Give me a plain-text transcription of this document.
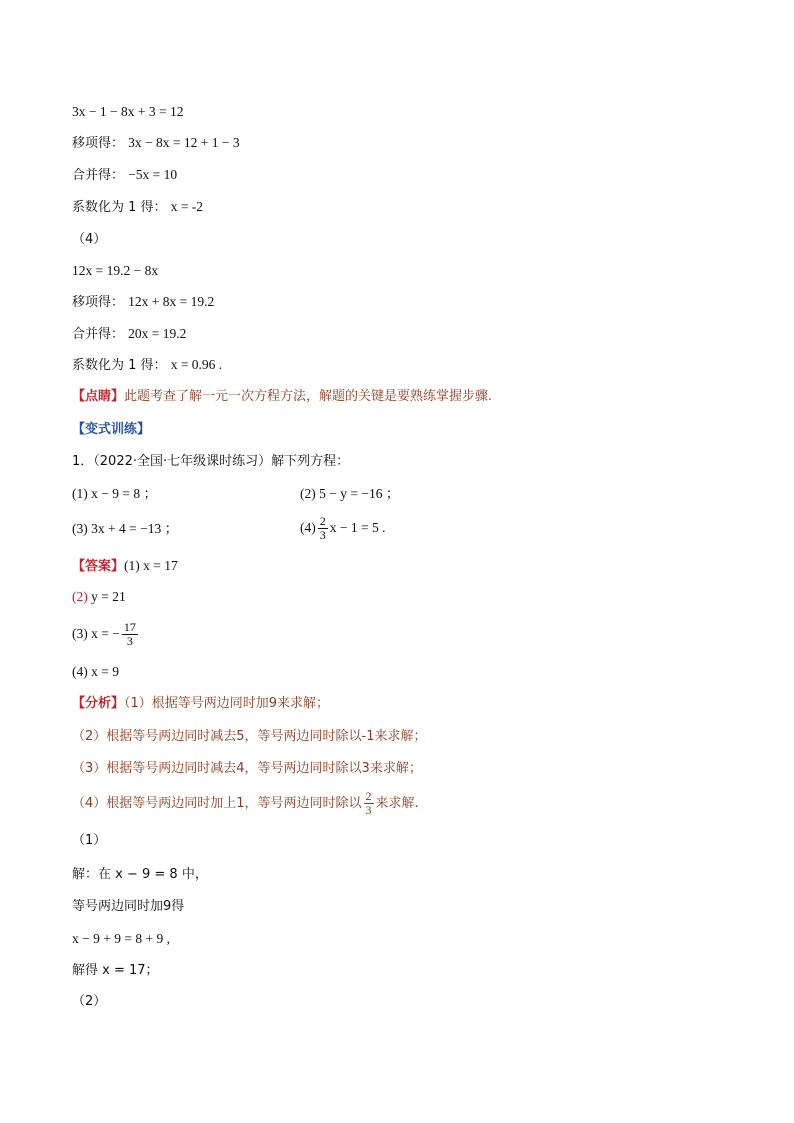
3x − 1 − 8x + 3 = 12
移项得： 3x − 8x = 12 + 1 − 3
合并得： −5x = 10
系数化为 1 得： x = -2
（4）
12x = 19.2 − 8x
移项得： 12x + 8x = 19.2
合并得： 20x = 19.2
系数化为 1 得： x = 0.96 .
【点睛】此题考查了解一元一次方程方法，解题的关键是要熟练掌握步骤.
【变式训练】
1．（2022·全国·七年级课时练习）解下列方程：
(1) x − 9 = 8 ；	(2) 5 − y = −16 ；
(3) 3x + 4 = −13 ；	$(4) \frac{2}{3}$ x − 1 = 5 .
【答案】(1) x = 17
(2) y = 21
(3) x = − $\frac{17}{3}$
(4) x = 9
【分析】（1）根据等号两边同时加9来求解；
（2）根据等号两边同时减去5，等号两边同时除以-1来求解；
（3）根据等号两边同时减去4，等号两边同时除以3来求解；
（4）根据等号两边同时加上1，等号两边同时除以 $\frac{2}{3}$ 来求解.
（1）
解：在 x − 9 = 8 中，
等号两边同时加9得
x − 9 + 9 = 8 + 9 ,
解得 x = 17；
（2）
